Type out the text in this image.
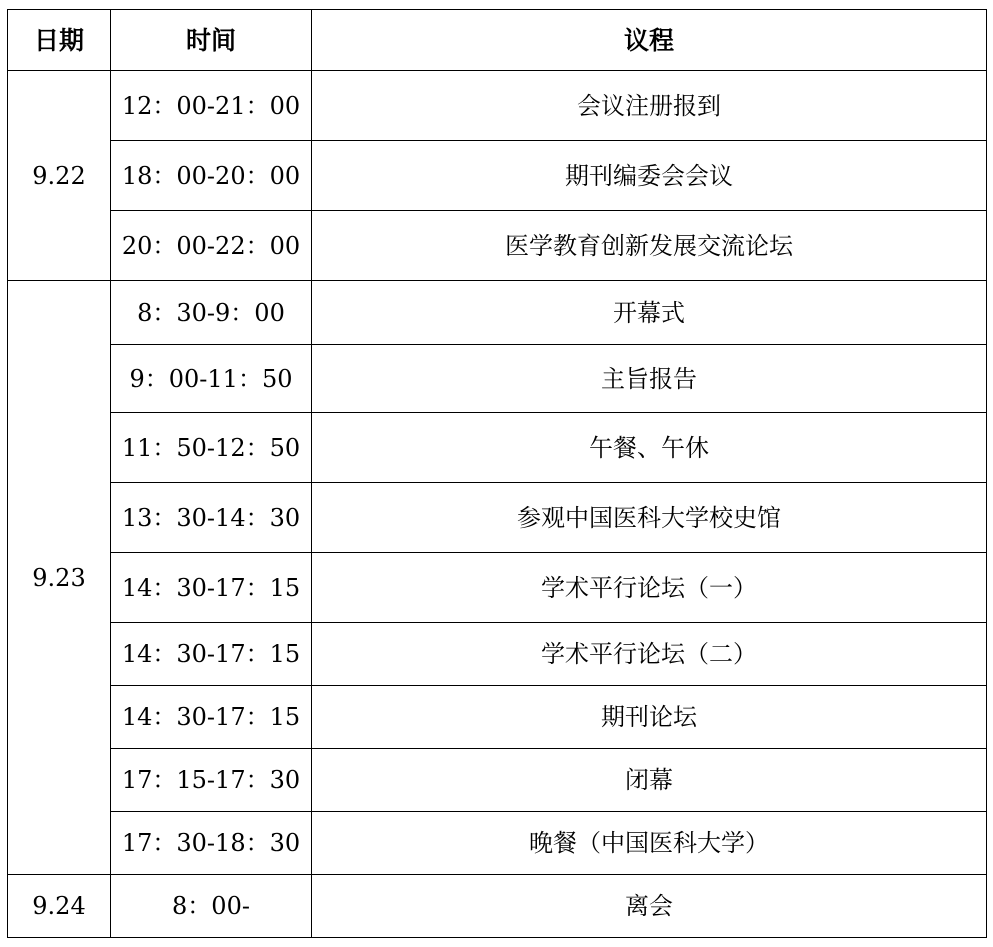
日期	时间	议程
9.22	12：00-21：00	会议注册报到
	18：00-20：00	期刊编委会会议
	20：00-22：00	医学教育创新发展交流论坛
9.23	8：30-9：00	开幕式
	9：00-11：50	主旨报告
	11：50-12：50	午餐、午休
	13：30-14：30	参观中国医科大学校史馆
	14：30-17：15	学术平行论坛（一）
	14：30-17：15	学术平行论坛（二）
	14：30-17：15	期刊论坛
	17：15-17：30	闭幕
	17：30-18：30	晚餐（中国医科大学）
9.24	8：00-	离会
